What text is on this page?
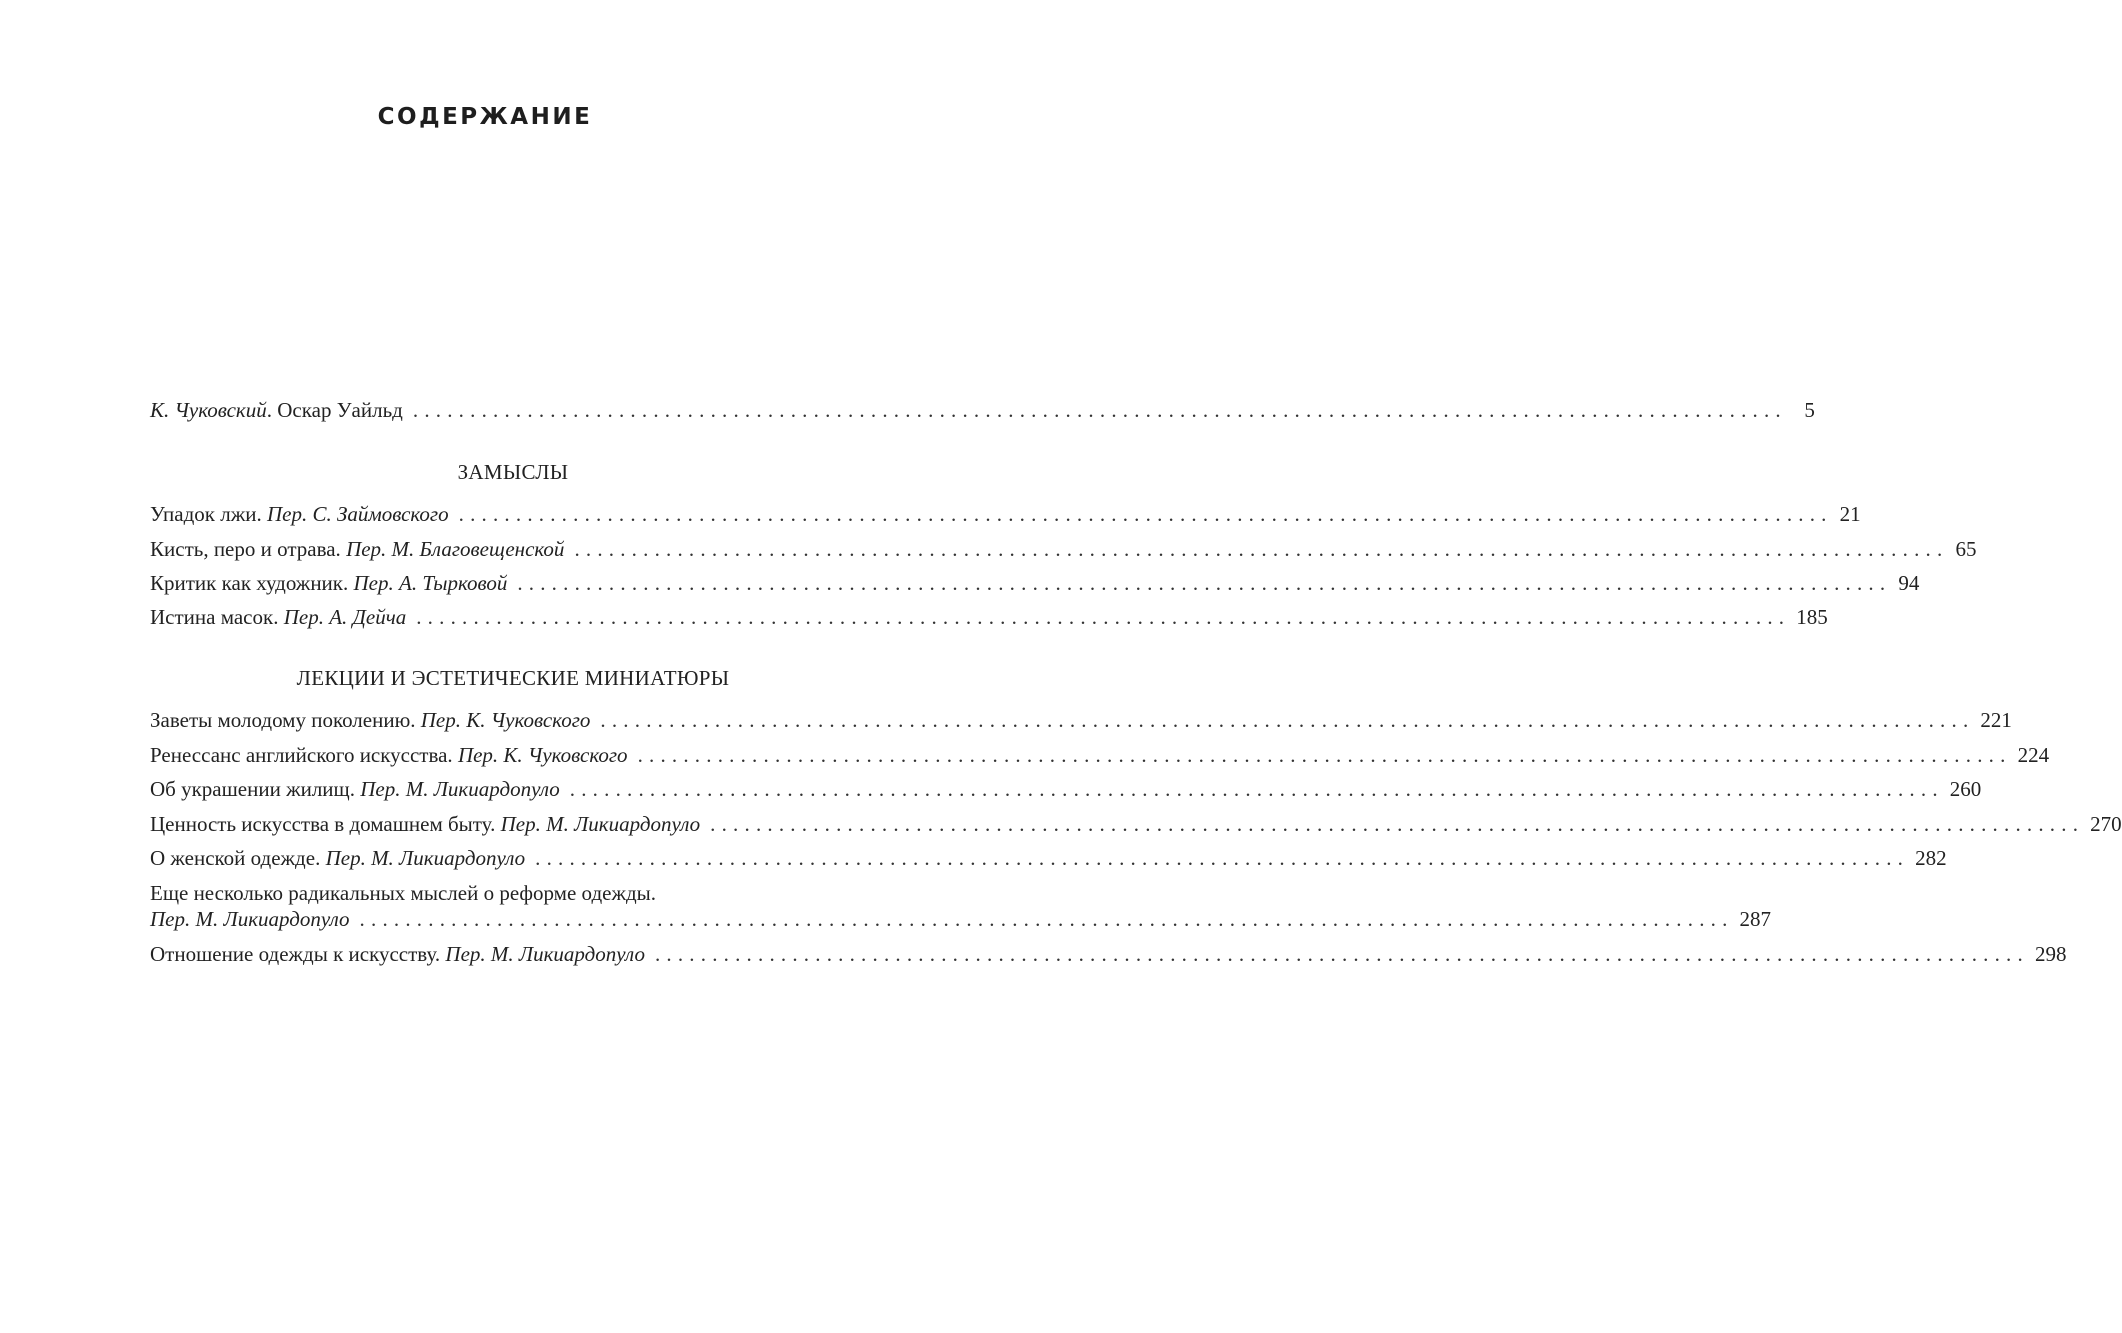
СОДЕРЖАНИЕ
К. Чуковский. Оскар Уайльд ........................................................................................................................ 5
ЗАМЫСЛЫ
Упадок лжи. Пер. С. Займовского ........................................................................................................................ 21
Кисть, перо и отрава. Пер. М. Благовещенской ........................................................................................................................ 65
Критик как художник. Пер. А. Тырковой ........................................................................................................................ 94
Истина масок. Пер. А. Дейча ........................................................................................................................ 185
ЛЕКЦИИ И ЭСТЕТИЧЕСКИЕ МИНИАТЮРЫ
Заветы молодому поколению. Пер. К. Чуковского ........................................................................................................................ 221
Ренессанс английского искусства. Пер. К. Чуковского ........................................................................................................................ 224
Об украшении жилищ. Пер. М. Ликиардопуло ........................................................................................................................ 260
Ценность искусства в домашнем быту. Пер. М. Ликиардопуло ........................................................................................................................ 270
О женской одежде. Пер. М. Ликиардопуло ........................................................................................................................ 282
Еще несколько радикальных мыслей о реформе одежды.
Пер. М. Ликиардопуло ........................................................................................................................ 287
Отношение одежды к искусству. Пер. М. Ликиардопуло ........................................................................................................................ 298
